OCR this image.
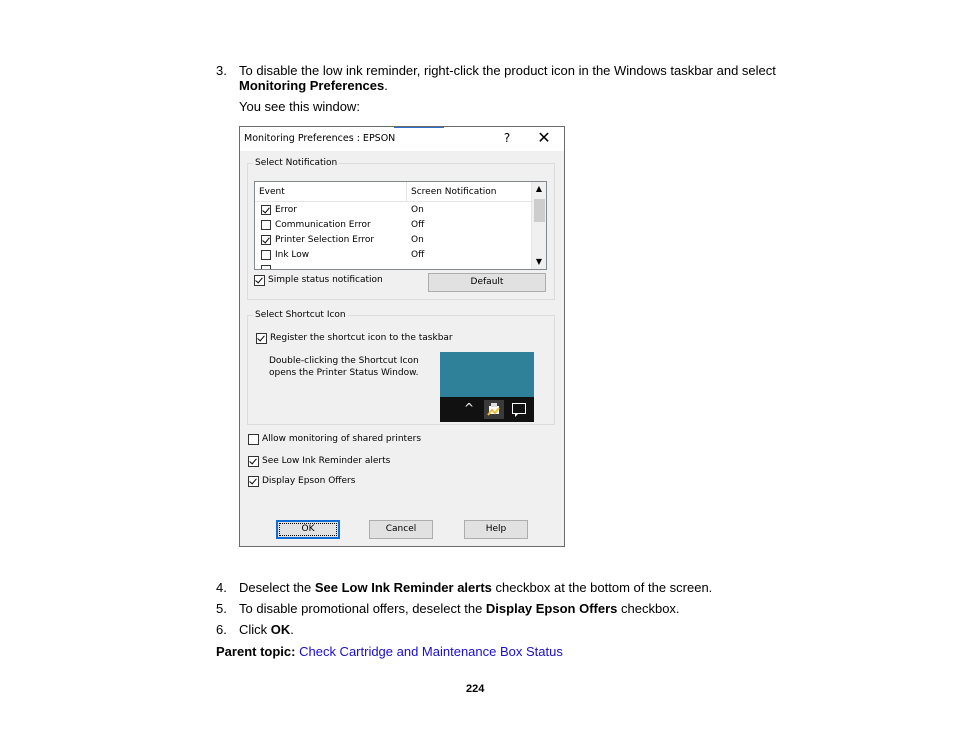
3. To disable the low ink reminder, right-click the product icon in the Windows taskbar and select
Monitoring Preferences.
You see this window:
Monitoring Preferences : EPSON	? ✕
Select Notification
Event	Screen Notification
Error	On
Communication Error	Off
Printer Selection Error	On
Ink Low	Off
▲
▼
Simple status notification	Default
Select Shortcut Icon
Register the shortcut icon to the taskbar
Double-clicking the Shortcut Icon
opens the Printer Status Window.
^
Allow monitoring of shared printers
See Low Ink Reminder alerts
Display Epson Offers
OK	Cancel	Help
4. Deselect the See Low Ink Reminder alerts checkbox at the bottom of the screen.
5. To disable promotional offers, deselect the Display Epson Offers checkbox.
6. Click OK.
Parent topic: Check Cartridge and Maintenance Box Status
224
